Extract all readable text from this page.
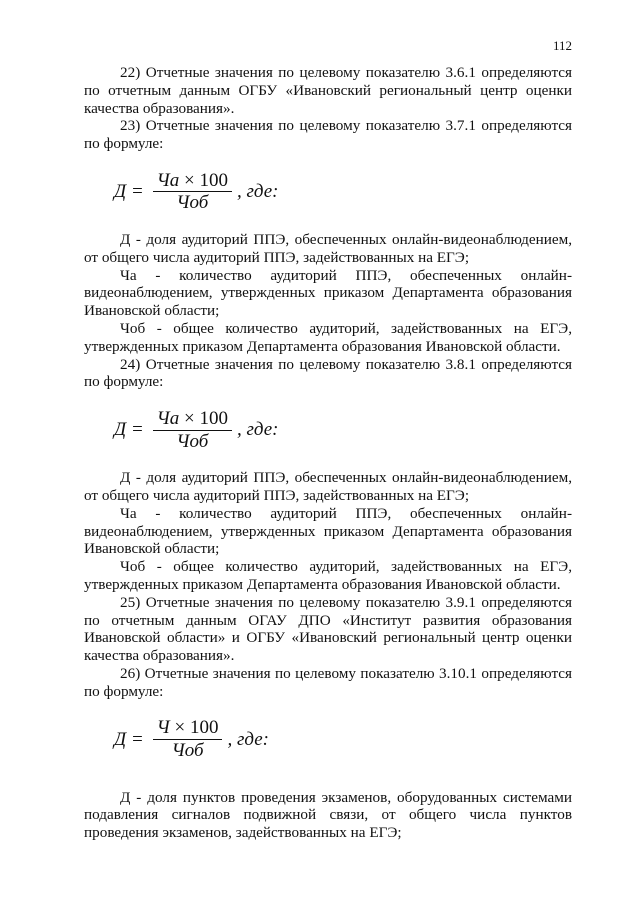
112

22) Отчетные значения по целевому показателю 3.6.1 определяются по отчетным данным ОГБУ «Ивановский региональный центр оценки качества образования».

23) Отчетные значения по целевому показателю 3.7.1 определяются по формуле:

$Д = \frac{Ча \times 100}{\text{Чоб}}$ , где:

Д - доля аудиторий ППЭ, обеспеченных онлайн-видеонаблюдением, от общего числа аудиторий ППЭ, задействованных на ЕГЭ;

Ча - количество аудиторий ППЭ, обеспеченных онлайн-видеонаблюдением, утвержденных приказом Департамента образования Ивановской области;

Чоб - общее количество аудиторий, задействованных на ЕГЭ, утвержденных приказом Департамента образования Ивановской области.

24) Отчетные значения по целевому показателю 3.8.1 определяются по формуле:

$Д = \frac{Ча \times 100}{\text{Чоб}}$ , где:

Д - доля аудиторий ППЭ, обеспеченных онлайн-видеонаблюдением, от общего числа аудиторий ППЭ, задействованных на ЕГЭ;

Ча - количество аудиторий ППЭ, обеспеченных онлайн-видеонаблюдением, утвержденных приказом Департамента образования Ивановской области;

Чоб - общее количество аудиторий, задействованных на ЕГЭ, утвержденных приказом Департамента образования Ивановской области.

25) Отчетные значения по целевому показателю 3.9.1 определяются по отчетным данным ОГАУ ДПО «Институт развития образования Ивановской области» и ОГБУ «Ивановский региональный центр оценки качества образования».

26) Отчетные значения по целевому показателю 3.10.1 определяются по формуле:

$Д = \frac{Ч \times 100}{\text{Чоб}}$ , где:

Д - доля пунктов проведения экзаменов, оборудованных системами подавления сигналов подвижной связи, от общего числа пунктов проведения экзаменов, задействованных на ЕГЭ;
